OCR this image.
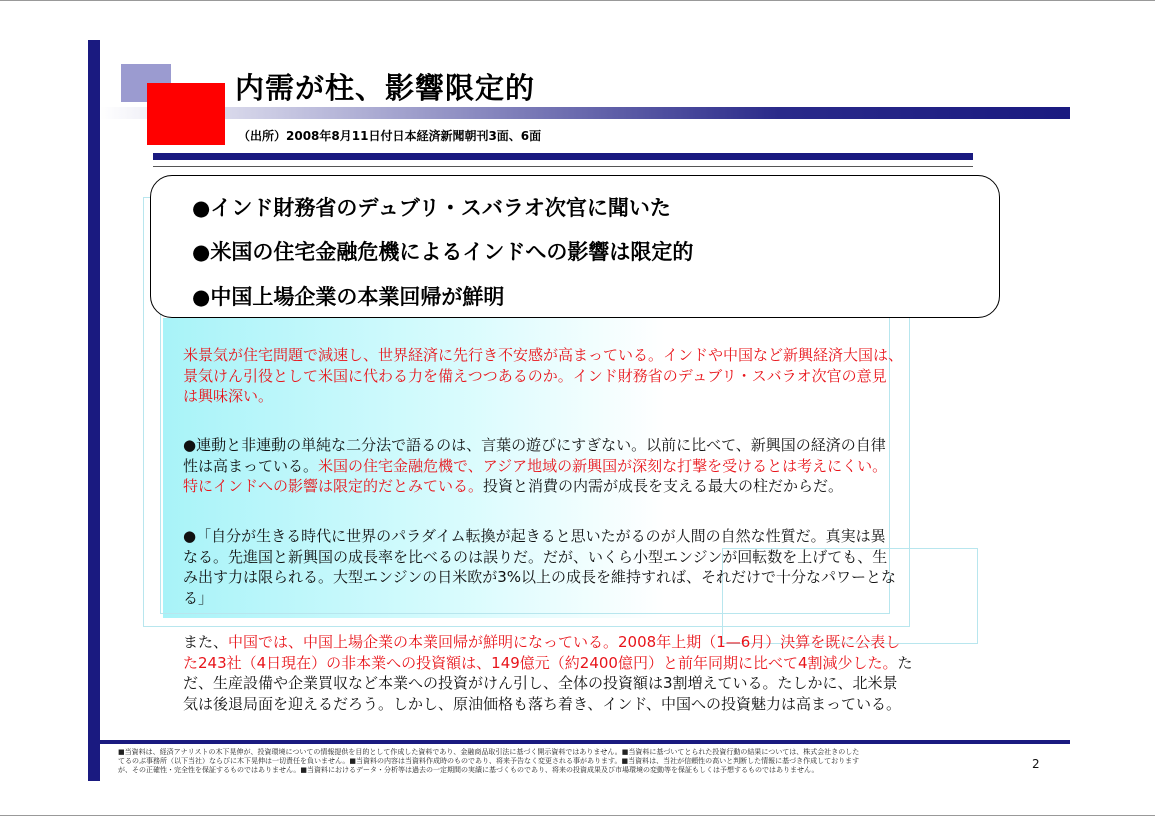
内需が柱、影響限定的
（出所）2008年8月11日付日本経済新聞朝刊3面、6面
●インド財務省のデュブリ・スバラオ次官に聞いた
●米国の住宅金融危機によるインドへの影響は限定的
●中国上場企業の本業回帰が鮮明

米景気が住宅問題で減速し、世界経済に先行き不安感が高まっている。インドや中国など新興経済大国は、
景気けん引役として米国に代わる力を備えつつあるのか。インド財務省のデュブリ・スバラオ次官の意見
は興味深い。

●連動と非連動の単純な二分法で語るのは、言葉の遊びにすぎない。以前に比べて、新興国の経済の自律
性は高まっている。米国の住宅金融危機で、アジア地域の新興国が深刻な打撃を受けるとは考えにくい。
特にインドへの影響は限定的だとみている。投資と消費の内需が成長を支える最大の柱だからだ。

●「自分が生きる時代に世界のパラダイム転換が起きると思いたがるのが人間の自然な性質だ。真実は異
なる。先進国と新興国の成長率を比べるのは誤りだ。だが、いくら小型エンジンが回転数を上げても、生
み出す力は限られる。大型エンジンの日米欧が3%以上の成長を維持すれば、それだけで十分なパワーとな
る」

また、中国では、中国上場企業の本業回帰が鮮明になっている。2008年上期（1—6月）決算を既に公表し
た243社（4日現在）の非本業への投資額は、149億元（約2400億円）と前年同期に比べて4割減少した。た
だ、生産設備や企業買収など本業への投資がけん引し、全体の投資額は3割増えている。たしかに、北米景
気は後退局面を迎えるだろう。しかし、原油価格も落ち着き、インド、中国への投資魅力は高まっている。

■当資料は、経済アナリストの木下晃伸が、投資環境についての情報提供を目的として作成した資料であり、金融商品取引法に基づく開示資料ではありません。■当資料に基づいてとられた投資行動の結果については、株式会社きのした
てるのぶ事務所（以下当社）ならびに木下晃伸は一切責任を負いません。■当資料の内容は当資料作成時のものであり、将来予告なく変更される事があります。■当資料は、当社が信頼性の高いと判断した情報に基づき作成しております
が、その正確性・完全性を保証するものではありません。■当資料におけるデータ・分析等は過去の一定期間の実績に基づくものであり、将来の投資成果及び市場環境の変動等を保証もしくは予想するものではありません。	2
